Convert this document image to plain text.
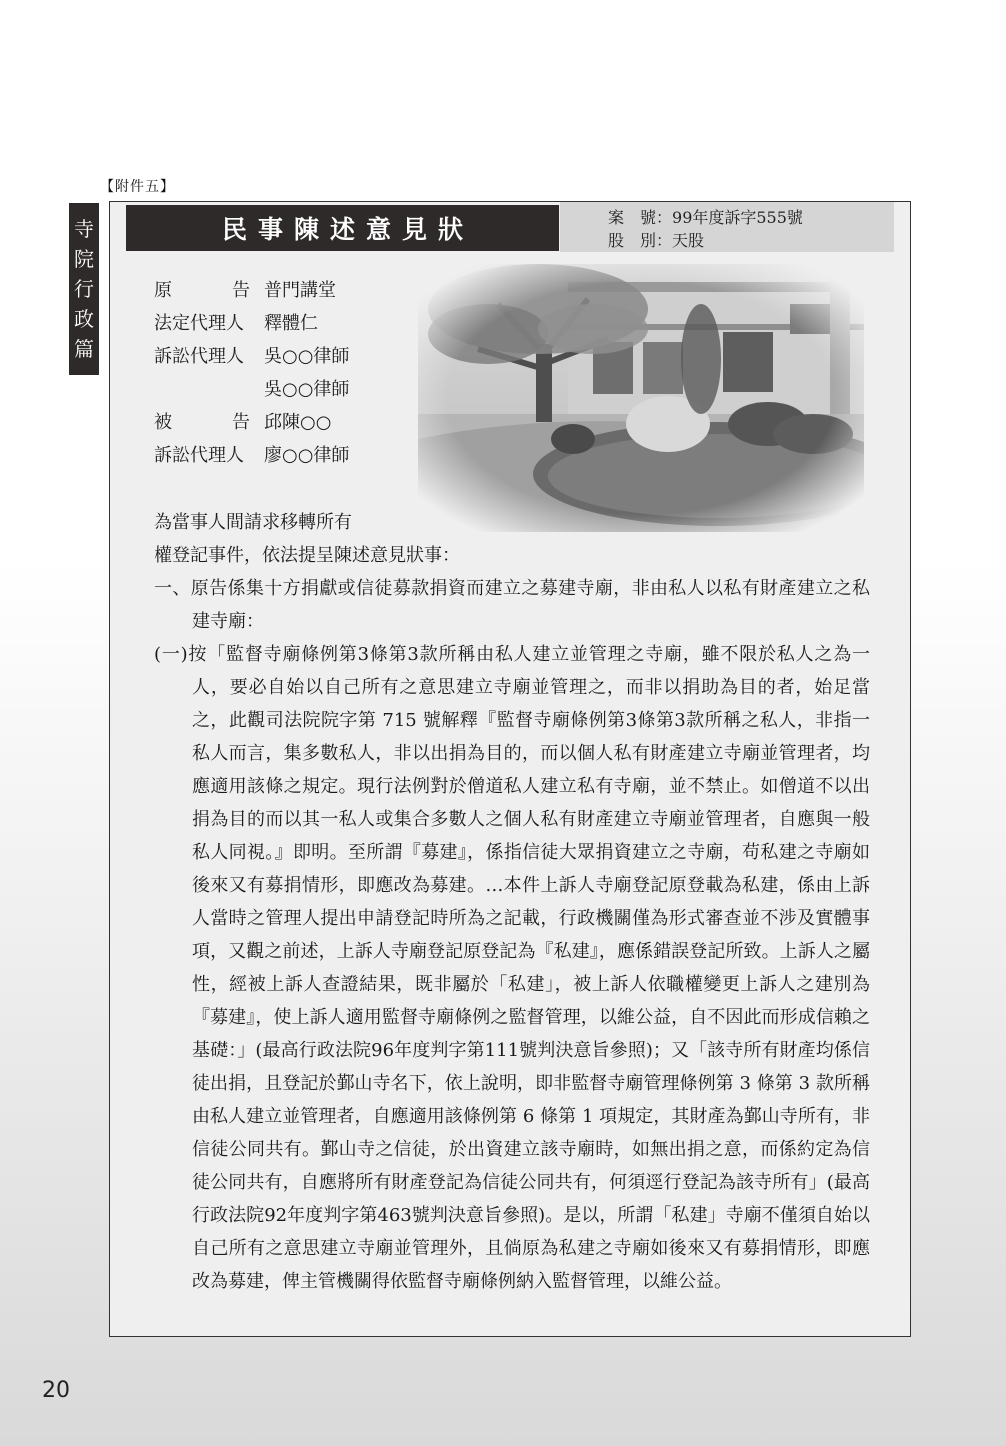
【附件五】
寺
院
行
政
篇
民事陳述意見狀	案　號：99年度訴字555號
股　別：天股
原	告 普門講堂
法定代理人	釋體仁
訴訟代理人	吳○○律師
吳○○律師
被	告 邱陳○○
訴訟代理人	廖○○律師

為當事人間請求移轉所有

權登記事件，依法提呈陳述意見狀事：

一、原告係集十方捐獻或信徒募款捐資而建立之募建寺廟，非由私人以私有財產建立之私建寺廟：

(一)按「監督寺廟條例第3條第3款所稱由私人建立並管理之寺廟，雖不限於私人之為一人，要必自始以自己所有之意思建立寺廟並管理之，而非以捐助為目的者，始足當之，此觀司法院院字第 715 號解釋『監督寺廟條例第3條第3款所稱之私人，非指一私人而言，集多數私人，非以出捐為目的，而以個人私有財產建立寺廟並管理者，均應適用該條之規定。現行法例對於僧道私人建立私有寺廟，並不禁止。如僧道不以出捐為目的而以其一私人或集合多數人之個人私有財產建立寺廟並管理者，自應與一般私人同視。』即明。至所謂『募建』，係指信徒大眾捐資建立之寺廟，苟私建之寺廟如後來又有募捐情形，即應改為募建。…本件上訴人寺廟登記原登載為私建，係由上訴人當時之管理人提出申請登記時所為之記載，行政機關僅為形式審查並不涉及實體事項，又觀之前述，上訴人寺廟登記原登記為『私建』，應係錯誤登記所致。上訴人之屬性，經被上訴人查證結果，既非屬於「私建」，被上訴人依職權變更上訴人之建別為『募建』，使上訴人適用監督寺廟條例之監督管理，以維公益，自不因此而形成信賴之基礎：」(最高行政法院96年度判字第111號判決意旨參照)；又「該寺所有財產均係信徒出捐，且登記於鄞山寺名下，依上說明，即非監督寺廟管理條例第 3 條第 3 款所稱由私人建立並管理者，自應適用該條例第 6 條第 1 項規定，其財產為鄞山寺所有，非信徒公同共有。鄞山寺之信徒，於出資建立該寺廟時，如無出捐之意，而係約定為信徒公同共有，自應將所有財產登記為信徒公同共有，何須逕行登記為該寺所有」(最高行政法院92年度判字第463號判決意旨參照)。是以，所謂「私建」寺廟不僅須自始以自己所有之意思建立寺廟並管理外，且倘原為私建之寺廟如後來又有募捐情形，即應改為募建，俾主管機關得依監督寺廟條例納入監督管理，以維公益。

20
